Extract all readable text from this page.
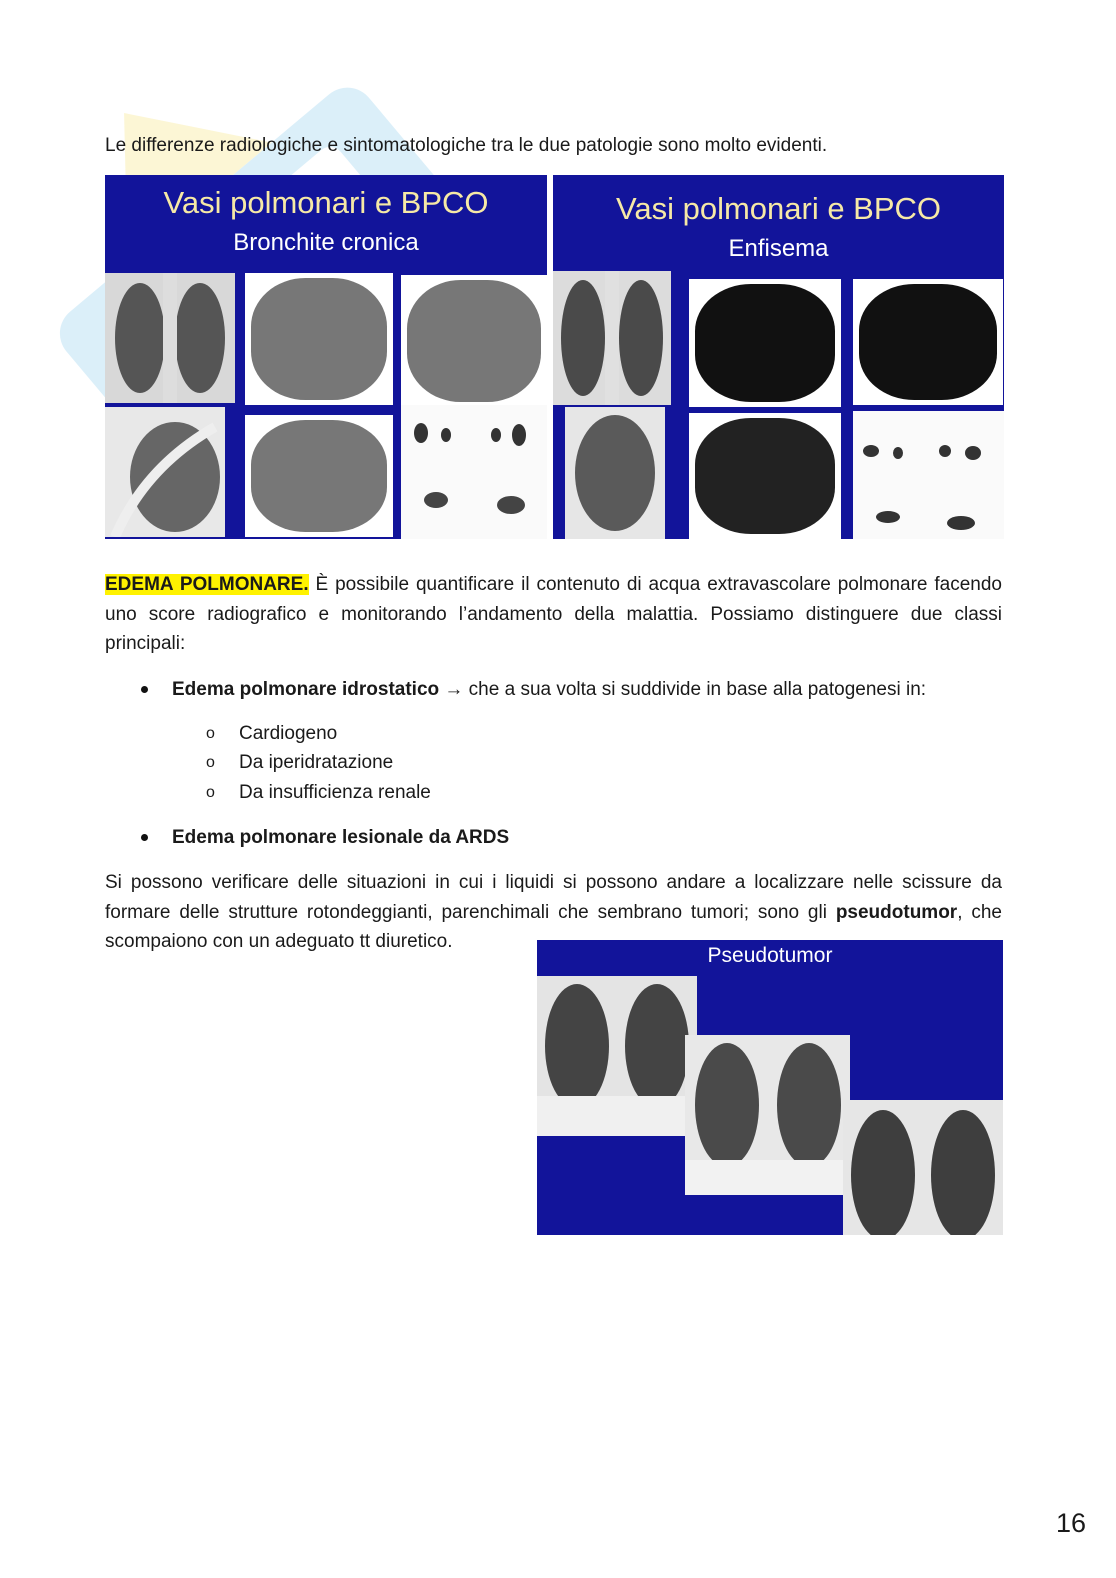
Le differenze radiologiche e sintomatologiche tra le due patologie sono molto evidenti.
Vasi polmonari e BPCO
Bronchite cronica
Vasi polmonari e BPCO
Enfisema
EDEMA POLMONARE. È possibile quantificare il contenuto di acqua extravascolare polmonare facendo uno score radiografico e monitorando l’andamento della malattia. Possiamo distinguere due classi principali:
Edema polmonare idrostatico → che a sua volta si suddivide in base alla patogenesi in:
o Cardiogeno
o Da iperidratazione
o Da insufficienza renale
Edema polmonare lesionale da ARDS
Si possono verificare delle situazioni in cui i liquidi si possono andare a localizzare nelle scissure da formare delle strutture rotondeggianti, parenchimali che sembrano tumori; sono gli pseudotumor, che scompaiono con un adeguato tt diuretico.
Pseudotumor
16
